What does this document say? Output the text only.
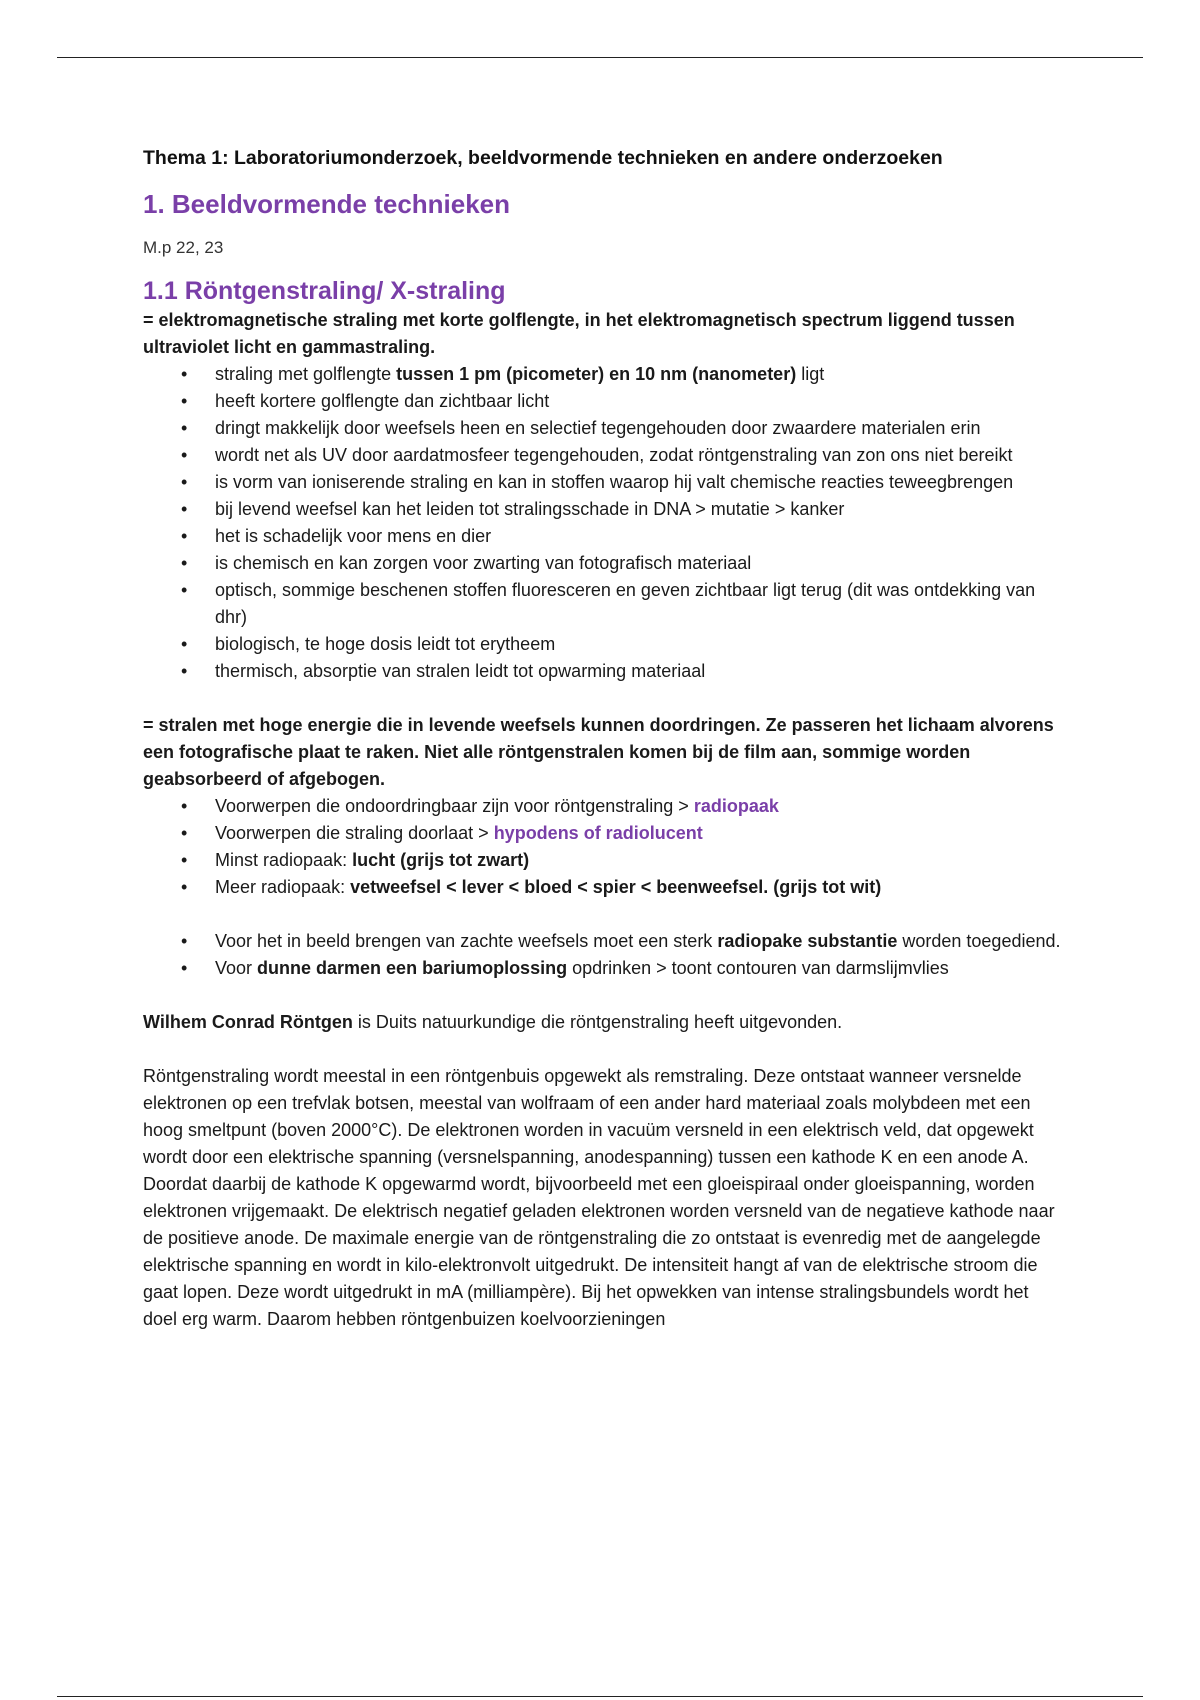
Thema 1: Laboratoriumonderzoek, beeldvormende technieken en andere onderzoeken

1. Beeldvormende technieken

M.p 22, 23

1.1 Röntgenstraling/ X-straling

= elektromagnetische straling met korte golflengte, in het elektromagnetisch spectrum liggend tussen ultraviolet licht en gammastraling.

• straling met golflengte tussen 1 pm (picometer) en 10 nm (nanometer) ligt
• heeft kortere golflengte dan zichtbaar licht
• dringt makkelijk door weefsels heen en selectief tegengehouden door zwaardere materialen erin
• wordt net als UV door aardatmosfeer tegengehouden, zodat röntgenstraling van zon ons niet bereikt
• is vorm van ioniserende straling en kan in stoffen waarop hij valt chemische reacties teweegbrengen
• bij levend weefsel kan het leiden tot stralingsschade in DNA > mutatie > kanker
• het is schadelijk voor mens en dier
• is chemisch en kan zorgen voor zwarting van fotografisch materiaal
• optisch, sommige beschenen stoffen fluoresceren en geven zichtbaar ligt terug (dit was ontdekking van dhr)
• biologisch, te hoge dosis leidt tot erytheem
• thermisch, absorptie van stralen leidt tot opwarming materiaal

= stralen met hoge energie die in levende weefsels kunnen doordringen. Ze passeren het lichaam alvorens een fotografische plaat te raken. Niet alle röntgenstralen komen bij de film aan, sommige worden geabsorbeerd of afgebogen.

• Voorwerpen die ondoordringbaar zijn voor röntgenstraling > radiopaak
• Voorwerpen die straling doorlaat > hypodens of radiolucent
• Minst radiopaak: lucht (grijs tot zwart)
• Meer radiopaak: vetweefsel < lever < bloed < spier < beenweefsel. (grijs tot wit)
• Voor het in beeld brengen van zachte weefsels moet een sterk radiopake substantie worden toegediend.
• Voor dunne darmen een bariumoplossing opdrinken > toont contouren van darmslijmvlies

Wilhem Conrad Röntgen is Duits natuurkundige die röntgenstraling heeft uitgevonden.

Röntgenstraling wordt meestal in een röntgenbuis opgewekt als remstraling. Deze ontstaat wanneer versnelde elektronen op een trefvlak botsen, meestal van wolfraam of een ander hard materiaal zoals molybdeen met een hoog smeltpunt (boven 2000°C). De elektronen worden in vacuüm versneld in een elektrisch veld, dat opgewekt wordt door een elektrische spanning (versnelspanning, anodespanning) tussen een kathode K en een anode A. Doordat daarbij de kathode K opgewarmd wordt, bijvoorbeeld met een gloeispiraal onder gloeispanning, worden elektronen vrijgemaakt. De elektrisch negatief geladen elektronen worden versneld van de negatieve kathode naar de positieve anode. De maximale energie van de röntgenstraling die zo ontstaat is evenredig met de aangelegde elektrische spanning en wordt in kilo-elektronvolt uitgedrukt. De intensiteit hangt af van de elektrische stroom die gaat lopen. Deze wordt uitgedrukt in mA (milliampère). Bij het opwekken van intense stralingsbundels wordt het doel erg warm. Daarom hebben röntgenbuizen koelvoorzieningen
